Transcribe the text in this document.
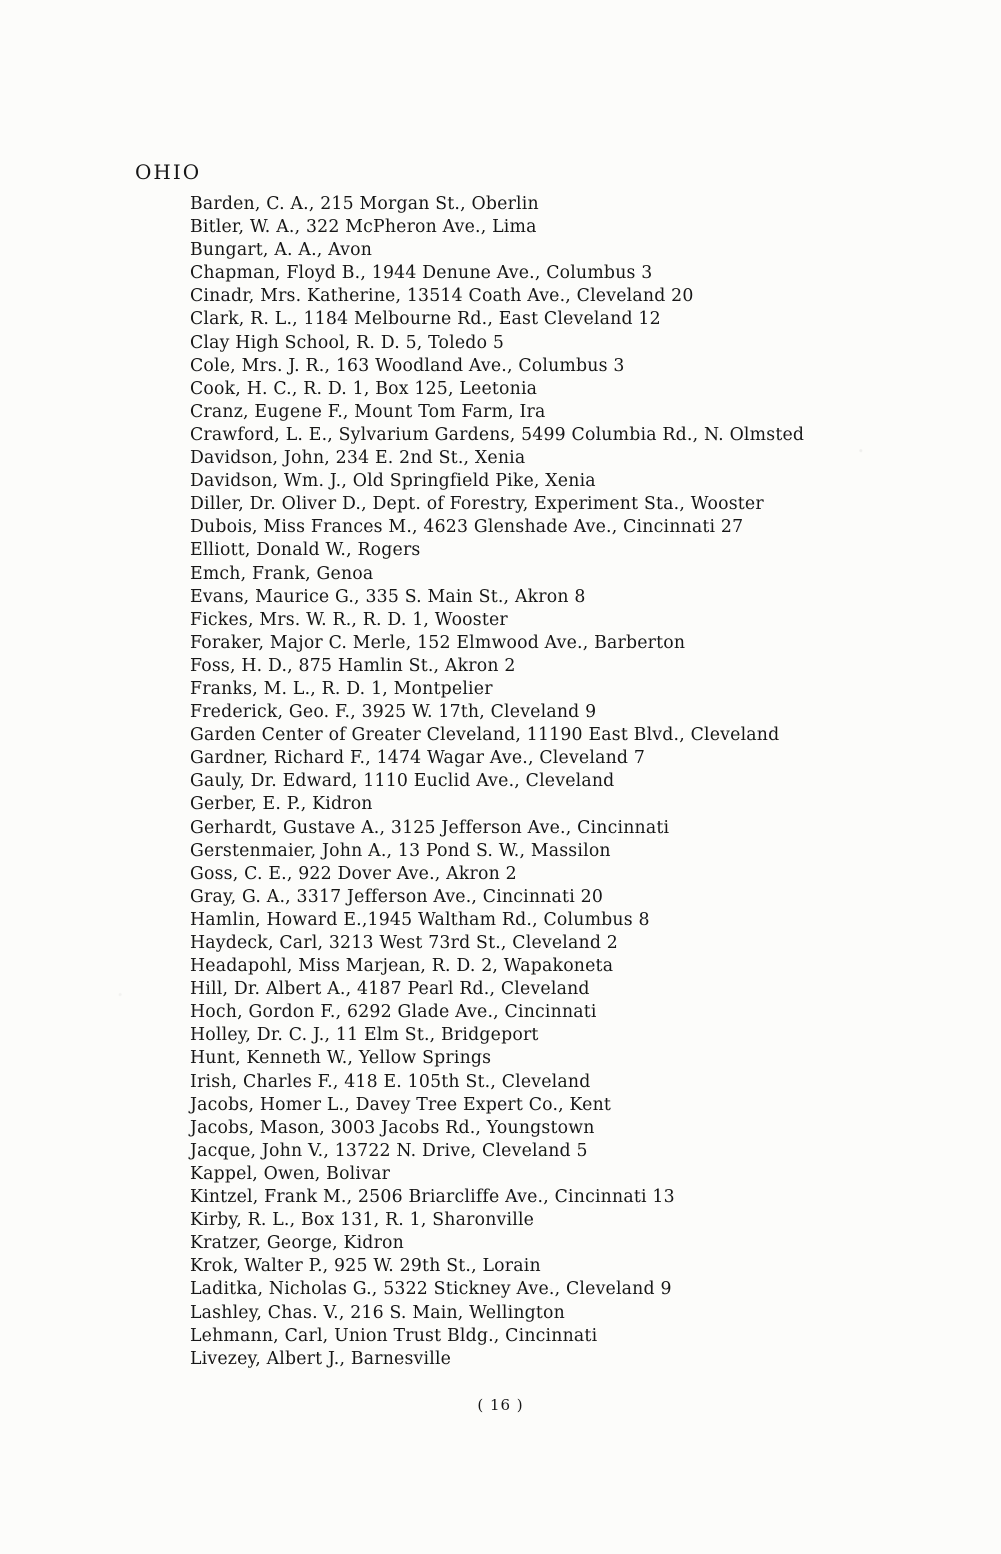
OHIO
Barden, C. A., 215 Morgan St., Oberlin
Bitler, W. A., 322 McPheron Ave., Lima
Bungart, A. A., Avon
Chapman, Floyd B., 1944 Denune Ave., Columbus 3
Cinadr, Mrs. Katherine, 13514 Coath Ave., Cleveland 20
Clark, R. L., 1184 Melbourne Rd., East Cleveland 12
Clay High School, R. D. 5, Toledo 5
Cole, Mrs. J. R., 163 Woodland Ave., Columbus 3
Cook, H. C., R. D. 1, Box 125, Leetonia
Cranz, Eugene F., Mount Tom Farm, Ira
Crawford, L. E., Sylvarium Gardens, 5499 Columbia Rd., N. Olmsted
Davidson, John, 234 E. 2nd St., Xenia
Davidson, Wm. J., Old Springfield Pike, Xenia
Diller, Dr. Oliver D., Dept. of Forestry, Experiment Sta., Wooster
Dubois, Miss Frances M., 4623 Glenshade Ave., Cincinnati 27
Elliott, Donald W., Rogers
Emch, Frank, Genoa
Evans, Maurice G., 335 S. Main St., Akron 8
Fickes, Mrs. W. R., R. D. 1, Wooster
Foraker, Major C. Merle, 152 Elmwood Ave., Barberton
Foss, H. D., 875 Hamlin St., Akron 2
Franks, M. L., R. D. 1, Montpelier
Frederick, Geo. F., 3925 W. 17th, Cleveland 9
Garden Center of Greater Cleveland, 11190 East Blvd., Cleveland
Gardner, Richard F., 1474 Wagar Ave., Cleveland 7
Gauly, Dr. Edward, 1110 Euclid Ave., Cleveland
Gerber, E. P., Kidron
Gerhardt, Gustave A., 3125 Jefferson Ave., Cincinnati
Gerstenmaier, John A., 13 Pond S. W., Massilon
Goss, C. E., 922 Dover Ave., Akron 2
Gray, G. A., 3317 Jefferson Ave., Cincinnati 20
Hamlin, Howard E.,1945 Waltham Rd., Columbus 8
Haydeck, Carl, 3213 West 73rd St., Cleveland 2
Headapohl, Miss Marjean, R. D. 2, Wapakoneta
Hill, Dr. Albert A., 4187 Pearl Rd., Cleveland
Hoch, Gordon F., 6292 Glade Ave., Cincinnati
Holley, Dr. C. J., 11 Elm St., Bridgeport
Hunt, Kenneth W., Yellow Springs
Irish, Charles F., 418 E. 105th St., Cleveland
Jacobs, Homer L., Davey Tree Expert Co., Kent
Jacobs, Mason, 3003 Jacobs Rd., Youngstown
Jacque, John V., 13722 N. Drive, Cleveland 5
Kappel, Owen, Bolivar
Kintzel, Frank M., 2506 Briarcliffe Ave., Cincinnati 13
Kirby, R. L., Box 131, R. 1, Sharonville
Kratzer, George, Kidron
Krok, Walter P., 925 W. 29th St., Lorain
Laditka, Nicholas G., 5322 Stickney Ave., Cleveland 9
Lashley, Chas. V., 216 S. Main, Wellington
Lehmann, Carl, Union Trust Bldg., Cincinnati
Livezey, Albert J., Barnesville
( 16 )
